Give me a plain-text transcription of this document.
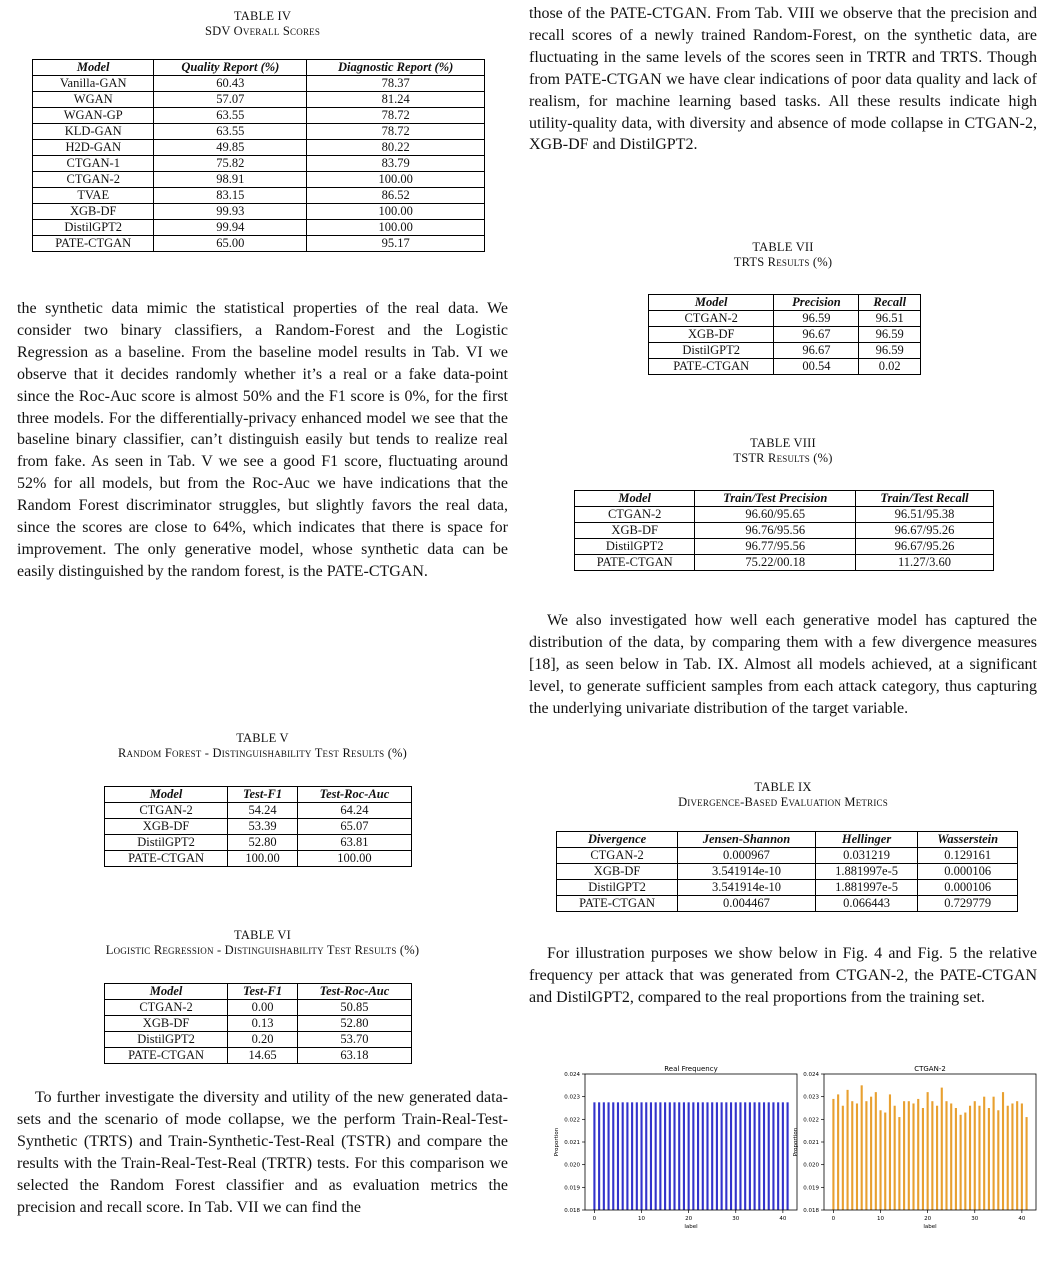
TABLE IV
SDV Overall Scores
Model	Quality Report (%)	Diagnostic Report (%)
Vanilla-GAN	60.43	78.37
WGAN	57.07	81.24
WGAN-GP	63.55	78.72
KLD-GAN	63.55	78.72
H2D-GAN	49.85	80.22
CTGAN-1	75.82	83.79
CTGAN-2	98.91	100.00
TVAE	83.15	86.52
XGB-DF	99.93	100.00
DistilGPT2	99.94	100.00
PATE-CTGAN	65.00	95.17
the synthetic data mimic the statistical properties of the real data. We consider two binary classifiers, a Random-Forest and the Logistic Regression as a baseline. From the baseline model results in Tab. VI we observe that it decides randomly whether it’s a real or a fake data-point since the Roc-Auc score is almost 50% and the F1 score is 0%, for the first three models. For the differentially-privacy enhanced model we see that the baseline binary classifier, can’t distinguish easily but tends to realize real from fake. As seen in Tab. V we see a good F1 score, fluctuating around 52% for all models, but from the Roc-Auc we have indications that the Random Forest discriminator struggles, but slightly favors the real data, since the scores are close to 64%, which indicates that there is space for improvement. The only generative model, whose synthetic data can be easily distinguished by the random forest, is the PATE-CTGAN.
TABLE V
Random Forest - Distinguishability Test Results (%)
Model	Test-F1	Test-Roc-Auc
CTGAN-2	54.24	64.24
XGB-DF	53.39	65.07
DistilGPT2	52.80	63.81
PATE-CTGAN	100.00	100.00
TABLE VI
Logistic Regression - Distinguishability Test Results (%)
Model	Test-F1	Test-Roc-Auc
CTGAN-2	0.00	50.85
XGB-DF	0.13	52.80
DistilGPT2	0.20	53.70
PATE-CTGAN	14.65	63.18
To further investigate the diversity and utility of the new generated data-sets and the scenario of mode collapse, we the perform Train-Real-Test-Synthetic (TRTS) and Train-Synthetic-Test-Real (TSTR) and compare the results with the Train-Real-Test-Real (TRTR) tests. For this comparison we selected the Random Forest classifier and as evaluation metrics the precision and recall score. In Tab. VII we can find the
those of the PATE-CTGAN. From Tab. VIII we observe that the precision and recall scores of a newly trained Random-Forest, on the synthetic data, are fluctuating in the same levels of the scores seen in TRTR and TRTS. Though from PATE-CTGAN we have clear indications of poor data quality and lack of realism, for machine learning based tasks. All these results indicate high utility-quality data, with diversity and absence of mode collapse in CTGAN-2, XGB-DF and DistilGPT2.
TABLE VII
TRTS Results (%)
Model	Precision	Recall
CTGAN-2	96.59	96.51
XGB-DF	96.67	96.59
DistilGPT2	96.67	96.59
PATE-CTGAN	00.54	0.02
TABLE VIII
TSTR Results (%)
Model	Train/Test Precision	Train/Test Recall
CTGAN-2	96.60/95.65	96.51/95.38
XGB-DF	96.76/95.56	96.67/95.26
DistilGPT2	96.77/95.56	96.67/95.26
PATE-CTGAN	75.22/00.18	11.27/3.60
We also investigated how well each generative model has captured the distribution of the data, by comparing them with a few divergence measures [18], as seen below in Tab. IX. Almost all models achieved, at a significant level, to generate sufficient samples from each attack category, thus capturing the underlying univariate distribution of the target variable.
TABLE IX
Divergence-Based Evaluation Metrics
Divergence	Jensen-Shannon	Hellinger	Wasserstein
CTGAN-2	0.000967	0.031219	0.129161
XGB-DF	3.541914e-10	1.881997e-5	0.000106
DistilGPT2	3.541914e-10	1.881997e-5	0.000106
PATE-CTGAN	0.004467	0.066443	0.729779
For illustration purposes we show below in Fig. 4 and Fig. 5 the relative frequency per attack that was generated from CTGAN-2, the PATE-CTGAN and DistilGPT2, compared to the real proportions from the training set.
Real Frequency
0.018
0.019
0.020
0.021
0.022
0.023
0.024
0	10	20	30	40
label
Proportion
CTGAN-2
0.018
0.019
0.020
0.021
0.022
0.023
0.024
0	10	20	30	40
label
Proportion
